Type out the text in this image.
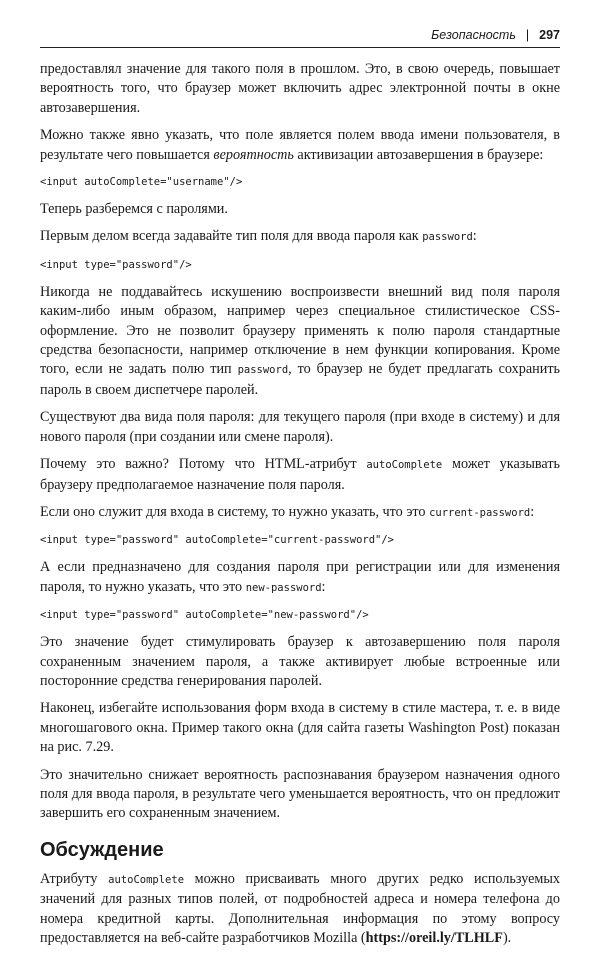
Безопасность | 297

предоставлял значение для такого поля в прошлом. Это, в свою очередь, повышает вероятность того, что браузер может включить адрес электронной почты в окне автозавершения.

Можно также явно указать, что поле является полем ввода имени пользователя, в результате чего повышается вероятность активизации автозавершения в браузере:

<input autoComplete="username"/>

Теперь разберемся с паролями.

Первым делом всегда задавайте тип поля для ввода пароля как password:

<input type="password"/>

Никогда не поддавайтесь искушению воспроизвести внешний вид поля пароля каким-либо иным образом, например через специальное стилистическое CSS-оформление. Это не позволит браузеру применять к полю пароля стандартные средства безопасности, например отключение в нем функции копирования. Кроме того, если не задать полю тип password, то браузер не будет предлагать сохранить пароль в своем диспетчере паролей.

Существуют два вида поля пароля: для текущего пароля (при входе в систему) и для нового пароля (при создании или смене пароля).

Почему это важно? Потому что HTML-атрибут autoComplete может указывать браузеру предполагаемое назначение поля пароля.

Если оно служит для входа в систему, то нужно указать, что это current-password:

<input type="password" autoComplete="current-password"/>

А если предназначено для создания пароля при регистрации или для изменения пароля, то нужно указать, что это new-password:

<input type="password" autoComplete="new-password"/>

Это значение будет стимулировать браузер к автозавершению поля пароля сохраненным значением пароля, а также активирует любые встроенные или посторонние средства генерирования паролей.

Наконец, избегайте использования форм входа в систему в стиле мастера, т. е. в виде многошагового окна. Пример такого окна (для сайта газеты Washington Post) показан на рис. 7.29.

Это значительно снижает вероятность распознавания браузером назначения одного поля для ввода пароля, в результате чего уменьшается вероятность, что он предложит завершить его сохраненным значением.

Обсуждение

Атрибуту autoComplete можно присваивать много других редко используемых значений для разных типов полей, от подробностей адреса и номера телефона до номера кредитной карты. Дополнительная информация по этому вопросу предоставляется на веб-сайте разработчиков Mozilla (https://oreil.ly/TLHLF).
